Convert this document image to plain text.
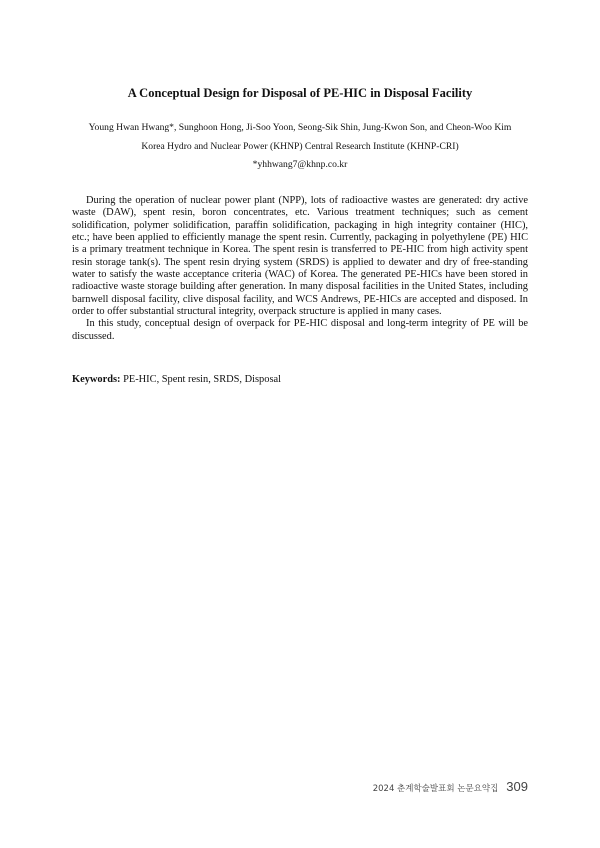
A Conceptual Design for Disposal of PE-HIC in Disposal Facility
Young Hwan Hwang*, Sunghoon Hong, Ji-Soo Yoon, Seong-Sik Shin, Jung-Kwon Son, and Cheon-Woo Kim
Korea Hydro and Nuclear Power (KHNP) Central Research Institute (KHNP-CRI)
*yhhwang7@khnp.co.kr

During the operation of nuclear power plant (NPP), lots of radioactive wastes are generated: dry active waste (DAW), spent resin, boron concentrates, etc. Various treatment techniques; such as cement solidification, polymer solidification, paraffin solidification, packaging in high integrity container (HIC), etc.; have been applied to efficiently manage the spent resin. Currently, packaging in polyethylene (PE) HIC is a primary treatment technique in Korea. The spent resin is transferred to PE-HIC from high activity spent resin storage tank(s). The spent resin drying system (SRDS) is applied to dewater and dry of free-standing water to satisfy the waste acceptance criteria (WAC) of Korea. The generated PE-HICs have been stored in radioactive waste storage building after generation. In many disposal facilities in the United States, including barnwell disposal facility, clive disposal facility, and WCS Andrews, PE-HICs are accepted and disposed. In order to offer substantial structural integrity, overpack structure is applied in many cases.

In this study, conceptual design of overpack for PE-HIC disposal and long-term integrity of PE will be discussed.

Keywords: PE-HIC, Spent resin, SRDS, Disposal
2024 춘계학술발표회 논문요약집 309
